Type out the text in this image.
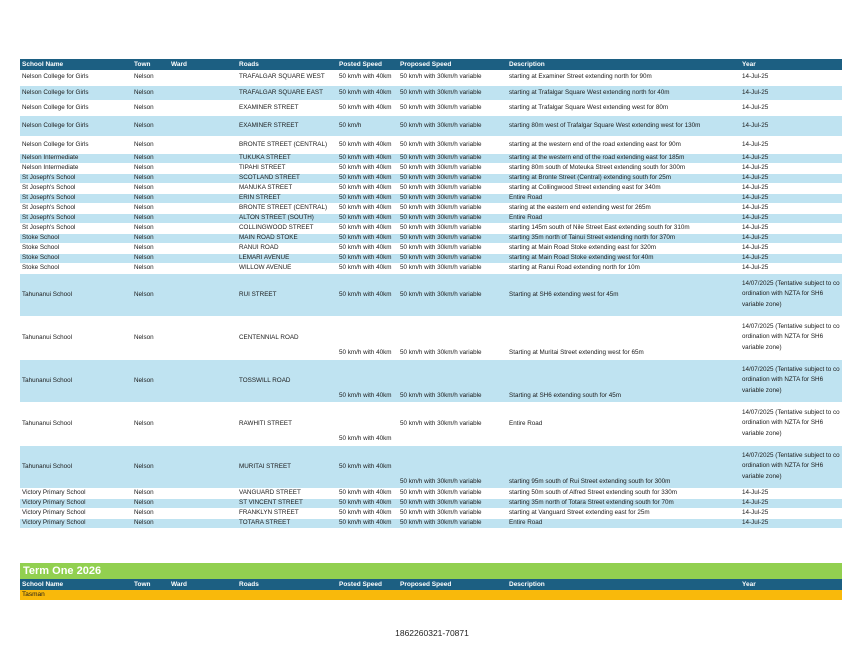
School Name	Town	Ward	Roads	Posted Speed	Proposed Speed	Description	Year
Nelson College for Girls	Nelson		TRAFALGAR SQUARE WEST	50 km/h with 40km	50 km/h with 30km/h variable	starting at Examiner Street extending north for 90m	14-Jul-25
Nelson College for Girls	Nelson		TRAFALGAR SQUARE EAST	50 km/h with 40km	50 km/h with 30km/h variable	starting at Trafalgar Square West extending north for 40m	14-Jul-25
Nelson College for Girls	Nelson		EXAMINER STREET	50 km/h with 40km	50 km/h with 30km/h variable	starting at Trafalgar Square West extending west for 80m	14-Jul-25
Nelson College for Girls	Nelson		EXAMINER STREET	50 km/h	50 km/h with 30km/h variable	starting 80m west of Trafalgar Square West extending west for 130m	14-Jul-25
Nelson College for Girls	Nelson		BRONTE STREET (CENTRAL)	50 km/h with 40km	50 km/h with 30km/h variable	starting at the western end of the road extending east for 90m	14-Jul-25
Nelson Intermediate	Nelson		TUKUKA STREET	50 km/h with 40km	50 km/h with 30km/h variable	starting at the western end of the road extending east for 185m	14-Jul-25
Nelson Intermediate	Nelson		TIPAHI STREET	50 km/h with 40km	50 km/h with 30km/h variable	starting 80m south of Moteuka Street extending south for 300m	14-Jul-25
St Joseph's School	Nelson		SCOTLAND STREET	50 km/h with 40km	50 km/h with 30km/h variable	starting at Bronte Street (Central) extending south for 25m	14-Jul-25
St Joseph's School	Nelson		MANUKA STREET	50 km/h with 40km	50 km/h with 30km/h variable	starting at Collingwood Street extending east for 340m	14-Jul-25
St Joseph's School	Nelson		ERIN STREET	50 km/h with 40km	50 km/h with 30km/h variable	Entire Road	14-Jul-25
St Joseph's School	Nelson		BRONTE STREET (CENTRAL)	50 km/h with 40km	50 km/h with 30km/h variable	staring at the eastern end extending west for 265m	14-Jul-25
St Joseph's School	Nelson		ALTON STREET (SOUTH)	50 km/h with 40km	50 km/h with 30km/h variable	Entire Road	14-Jul-25
St Joseph's School	Nelson		COLLINGWOOD STREET	50 km/h with 40km	50 km/h with 30km/h variable	starting 145m south of Nile Street East extending south for 310m	14-Jul-25
Stoke School	Nelson		MAIN ROAD STOKE	50 km/h with 40km	50 km/h with 30km/h variable	starting 35m north of Tainui Street extending north for 370m	14-Jul-25
Stoke School	Nelson		RANUI ROAD	50 km/h with 40km	50 km/h with 30km/h variable	starting at Main Road Stoke extending east for 320m	14-Jul-25
Stoke School	Nelson		LEMARI AVENUE	50 km/h with 40km	50 km/h with 30km/h variable	starting at Main Road Stoke extending west for 40m	14-Jul-25
Stoke School	Nelson		WILLOW AVENUE	50 km/h with 40km	50 km/h with 30km/h variable	starting at Ranui Road extending north for 10m	14-Jul-25
Tahunanui School	Nelson		RUI STREET	50 km/h with 40km	50 km/h with 30km/h variable	Starting at SH6 extending west for 45m	14/07/2025 (Tentative subject to co ordination with NZTA for SH6 variable zone)
Tahunanui School	Nelson		CENTENNIAL ROAD	50 km/h with 40km	50 km/h with 30km/h variable	Starting at Muritai Street extending west for 65m	14/07/2025 (Tentative subject to co ordination with NZTA for SH6 variable zone)
Tahunanui School	Nelson		TOSSWILL ROAD	50 km/h with 40km	50 km/h with 30km/h variable	Starting at SH6 extending south for 45m	14/07/2025 (Tentative subject to co ordination with NZTA for SH6 variable zone)
Tahunanui School	Nelson		RAWHITI STREET	50 km/h with 40km	50 km/h with 30km/h variable	Entire Road	14/07/2025 (Tentative subject to co ordination with NZTA for SH6 variable zone)
Tahunanui School	Nelson		MURITAI STREET	50 km/h with 40km	50 km/h with 30km/h variable	starting 95m south of Rui Street extending south for 300m	14/07/2025 (Tentative subject to co ordination with NZTA for SH6 variable zone)
Victory Primary School	Nelson		VANGUARD STREET	50 km/h with 40km	50 km/h with 30km/h variable	starting 50m south of Alfred Street extending south for 330m	14-Jul-25
Victory Primary School	Nelson		ST VINCENT STREET	50 km/h with 40km	50 km/h with 30km/h variable	starting 35m north of Totara Street extending south for 70m	14-Jul-25
Victory Primary School	Nelson		FRANKLYN STREET	50 km/h with 40km	50 km/h with 30km/h variable	starting at Vanguard Street extending east for 25m	14-Jul-25
Victory Primary School	Nelson		TOTARA STREET	50 km/h with 40km	50 km/h with 30km/h variable	Entire Road	14-Jul-25
Term One 2026
School Name	Town	Ward	Roads	Posted Speed	Proposed Speed	Description	Year
Tasman
1862260321-70871
